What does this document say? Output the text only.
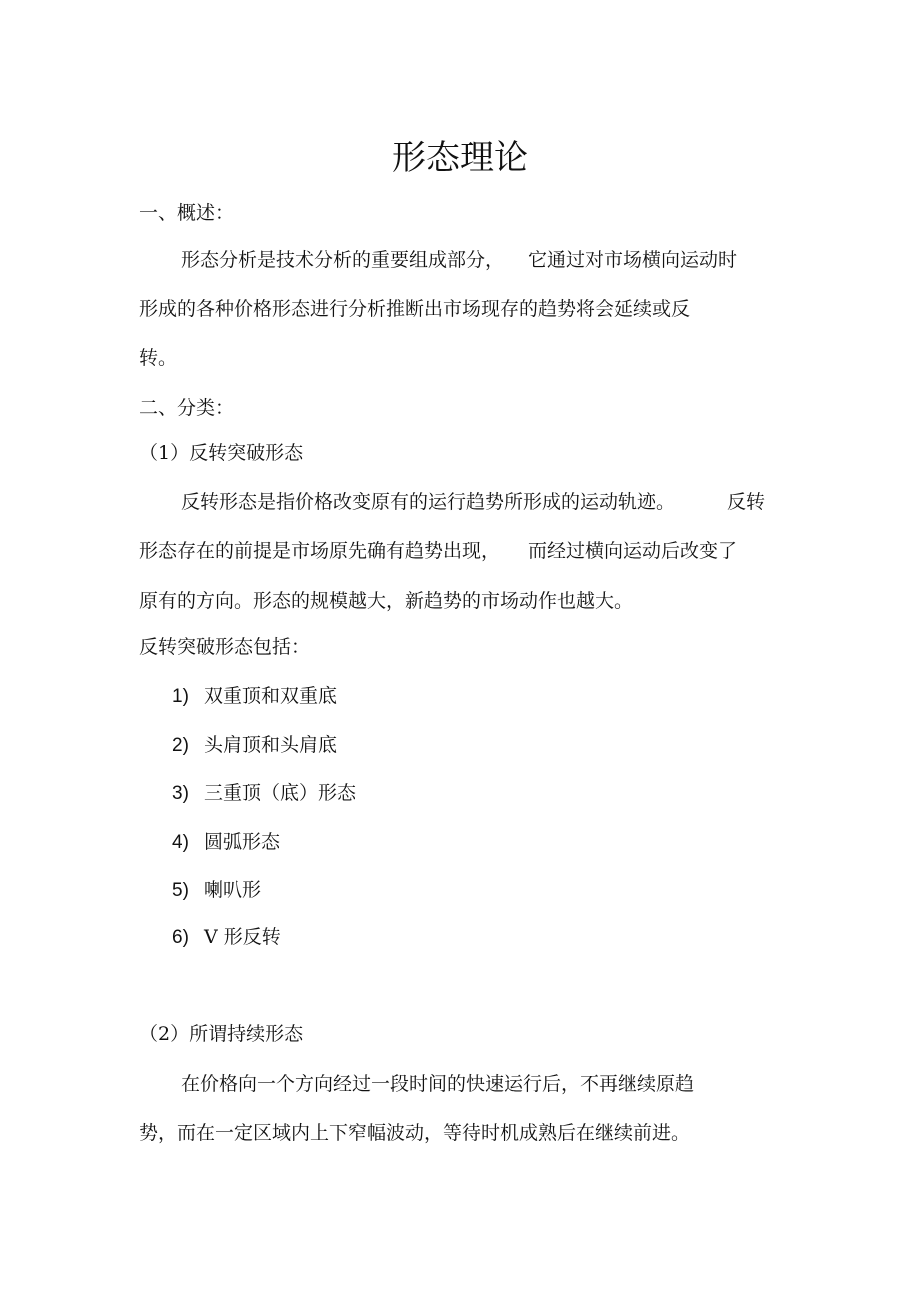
形态理论
一、概述：
形态分析是技术分析的重要组成部分， 它通过对市场横向运动时
形成的各种价格形态进行分析推断出市场现存的趋势将会延续或反
转。
二、分类：
（1）反转突破形态
反转形态是指价格改变原有的运行趋势所形成的运动轨迹。	反转
形态存在的前提是市场原先确有趋势出现， 而经过横向运动后改变了
原有的方向。形态的规模越大，新趋势的市场动作也越大。
反转突破形态包括：
1) 双重顶和双重底
2) 头肩顶和头肩底
3) 三重顶（底）形态
4) 圆弧形态
5) 喇叭形
6) V 形反转
（2）所谓持续形态
在价格向一个方向经过一段时间的快速运行后，不再继续原趋
势，而在一定区域内上下窄幅波动，等待时机成熟后在继续前进。
